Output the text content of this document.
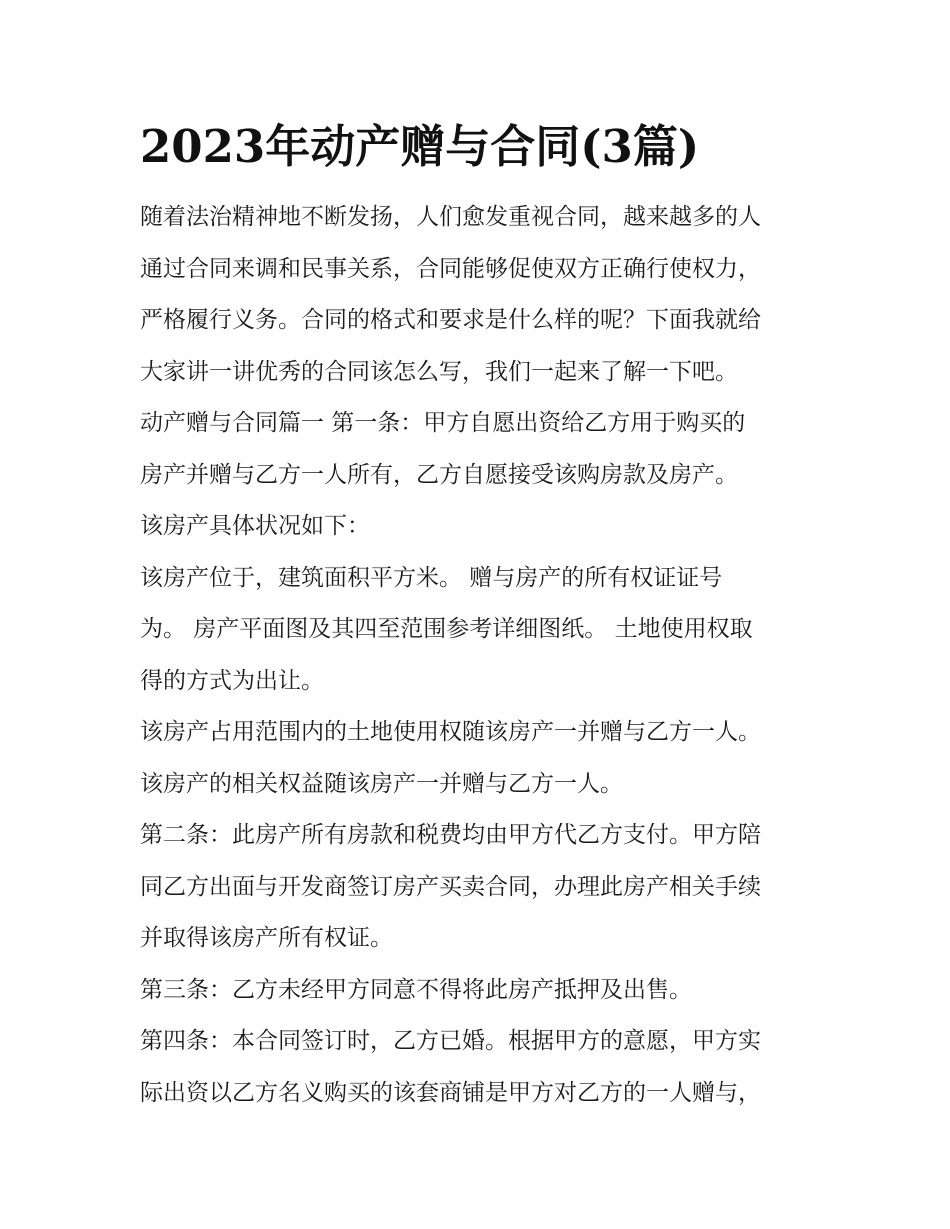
2023年动产赠与合同(3篇)

随着法治精神地不断发扬，人们愈发重视合同，越来越多的人

通过合同来调和民事关系，合同能够促使双方正确行使权力，

严格履行义务。合同的格式和要求是什么样的呢？下面我就给

大家讲一讲优秀的合同该怎么写，我们一起来了解一下吧。

动产赠与合同篇一 第一条：甲方自愿出资给乙方用于购买的

房产并赠与乙方一人所有，乙方自愿接受该购房款及房产。

该房产具体状况如下：

该房产位于，建筑面积平方米。 赠与房产的所有权证证号

为。 房产平面图及其四至范围参考详细图纸。 土地使用权取

得的方式为出让。

该房产占用范围内的土地使用权随该房产一并赠与乙方一人。

该房产的相关权益随该房产一并赠与乙方一人。

第二条：此房产所有房款和税费均由甲方代乙方支付。甲方陪

同乙方出面与开发商签订房产买卖合同，办理此房产相关手续

并取得该房产所有权证。

第三条：乙方未经甲方同意不得将此房产抵押及出售。

第四条：本合同签订时，乙方已婚。根据甲方的意愿，甲方实

际出资以乙方名义购买的该套商铺是甲方对乙方的一人赠与，
